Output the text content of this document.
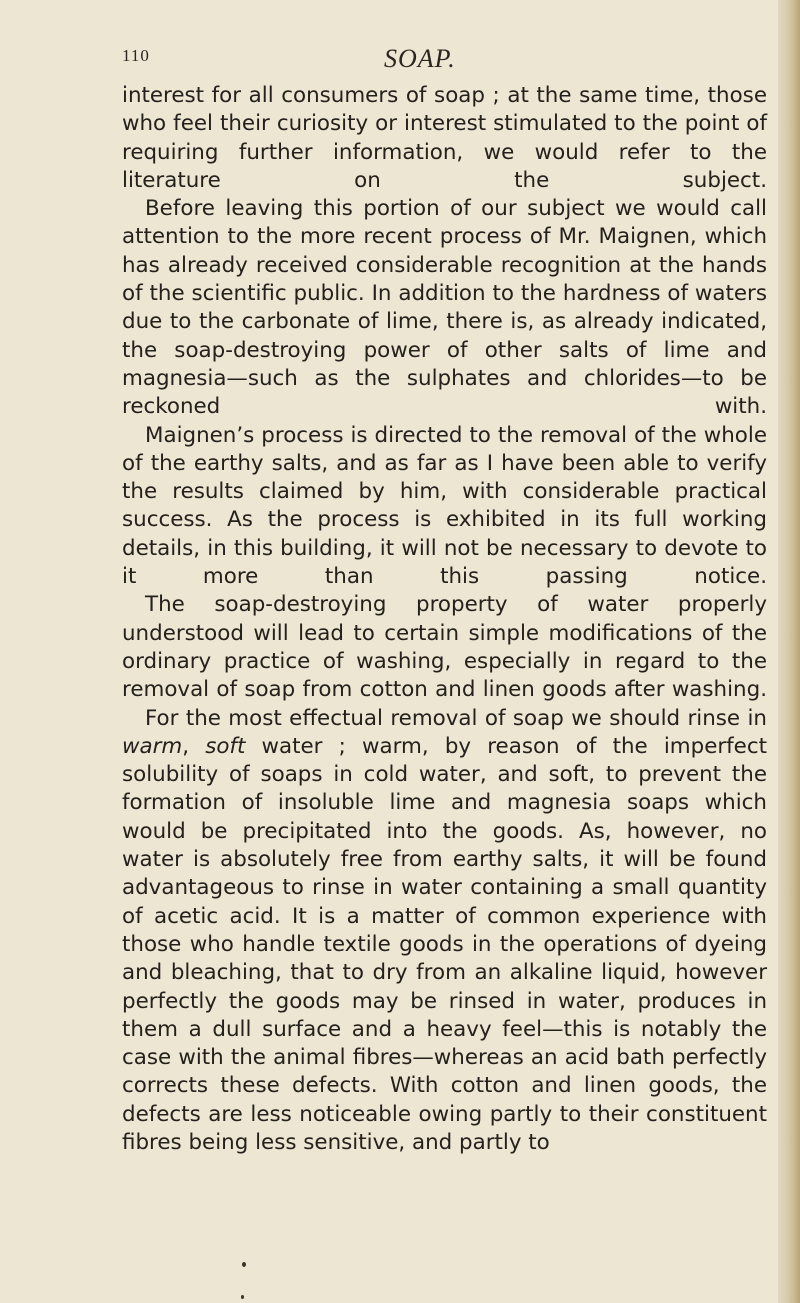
110	SOAP.

interest for all consumers of soap ; at the same time, those who feel their curiosity or interest stimulated to the point of requiring further information, we would refer to the literature on the subject.

Before leaving this portion of our subject we would call attention to the more recent process of Mr. Maignen, which has already received considerable recognition at the hands of the scientific public. In addition to the hardness of waters due to the carbonate of lime, there is, as already indicated, the soap-destroying power of other salts of lime and magnesia—such as the sulphates and chlorides—to be reckoned with.

Maignen’s process is directed to the removal of the whole of the earthy salts, and as far as I have been able to verify the results claimed by him, with considerable practical success. As the process is exhibited in its full working details, in this building, it will not be necessary to devote to it more than this passing notice.

The soap-destroying property of water properly understood will lead to certain simple modifications of the ordinary practice of washing, especially in regard to the removal of soap from cotton and linen goods after washing.

For the most effectual removal of soap we should rinse in warm, soft water ; warm, by reason of the imperfect solubility of soaps in cold water, and soft, to prevent the formation of insoluble lime and magnesia soaps which would be precipitated into the goods. As, however, no water is absolutely free from earthy salts, it will be found advantageous to rinse in water containing a small quantity of acetic acid. It is a matter of common experience with those who handle textile goods in the operations of dyeing and bleaching, that to dry from an alkaline liquid, however perfectly the goods may be rinsed in water, produces in them a dull surface and a heavy feel—this is notably the case with the animal fibres—whereas an acid bath perfectly corrects these defects. With cotton and linen goods, the defects are less noticeable owing partly to their constituent fibres being less sensitive, and partly to
